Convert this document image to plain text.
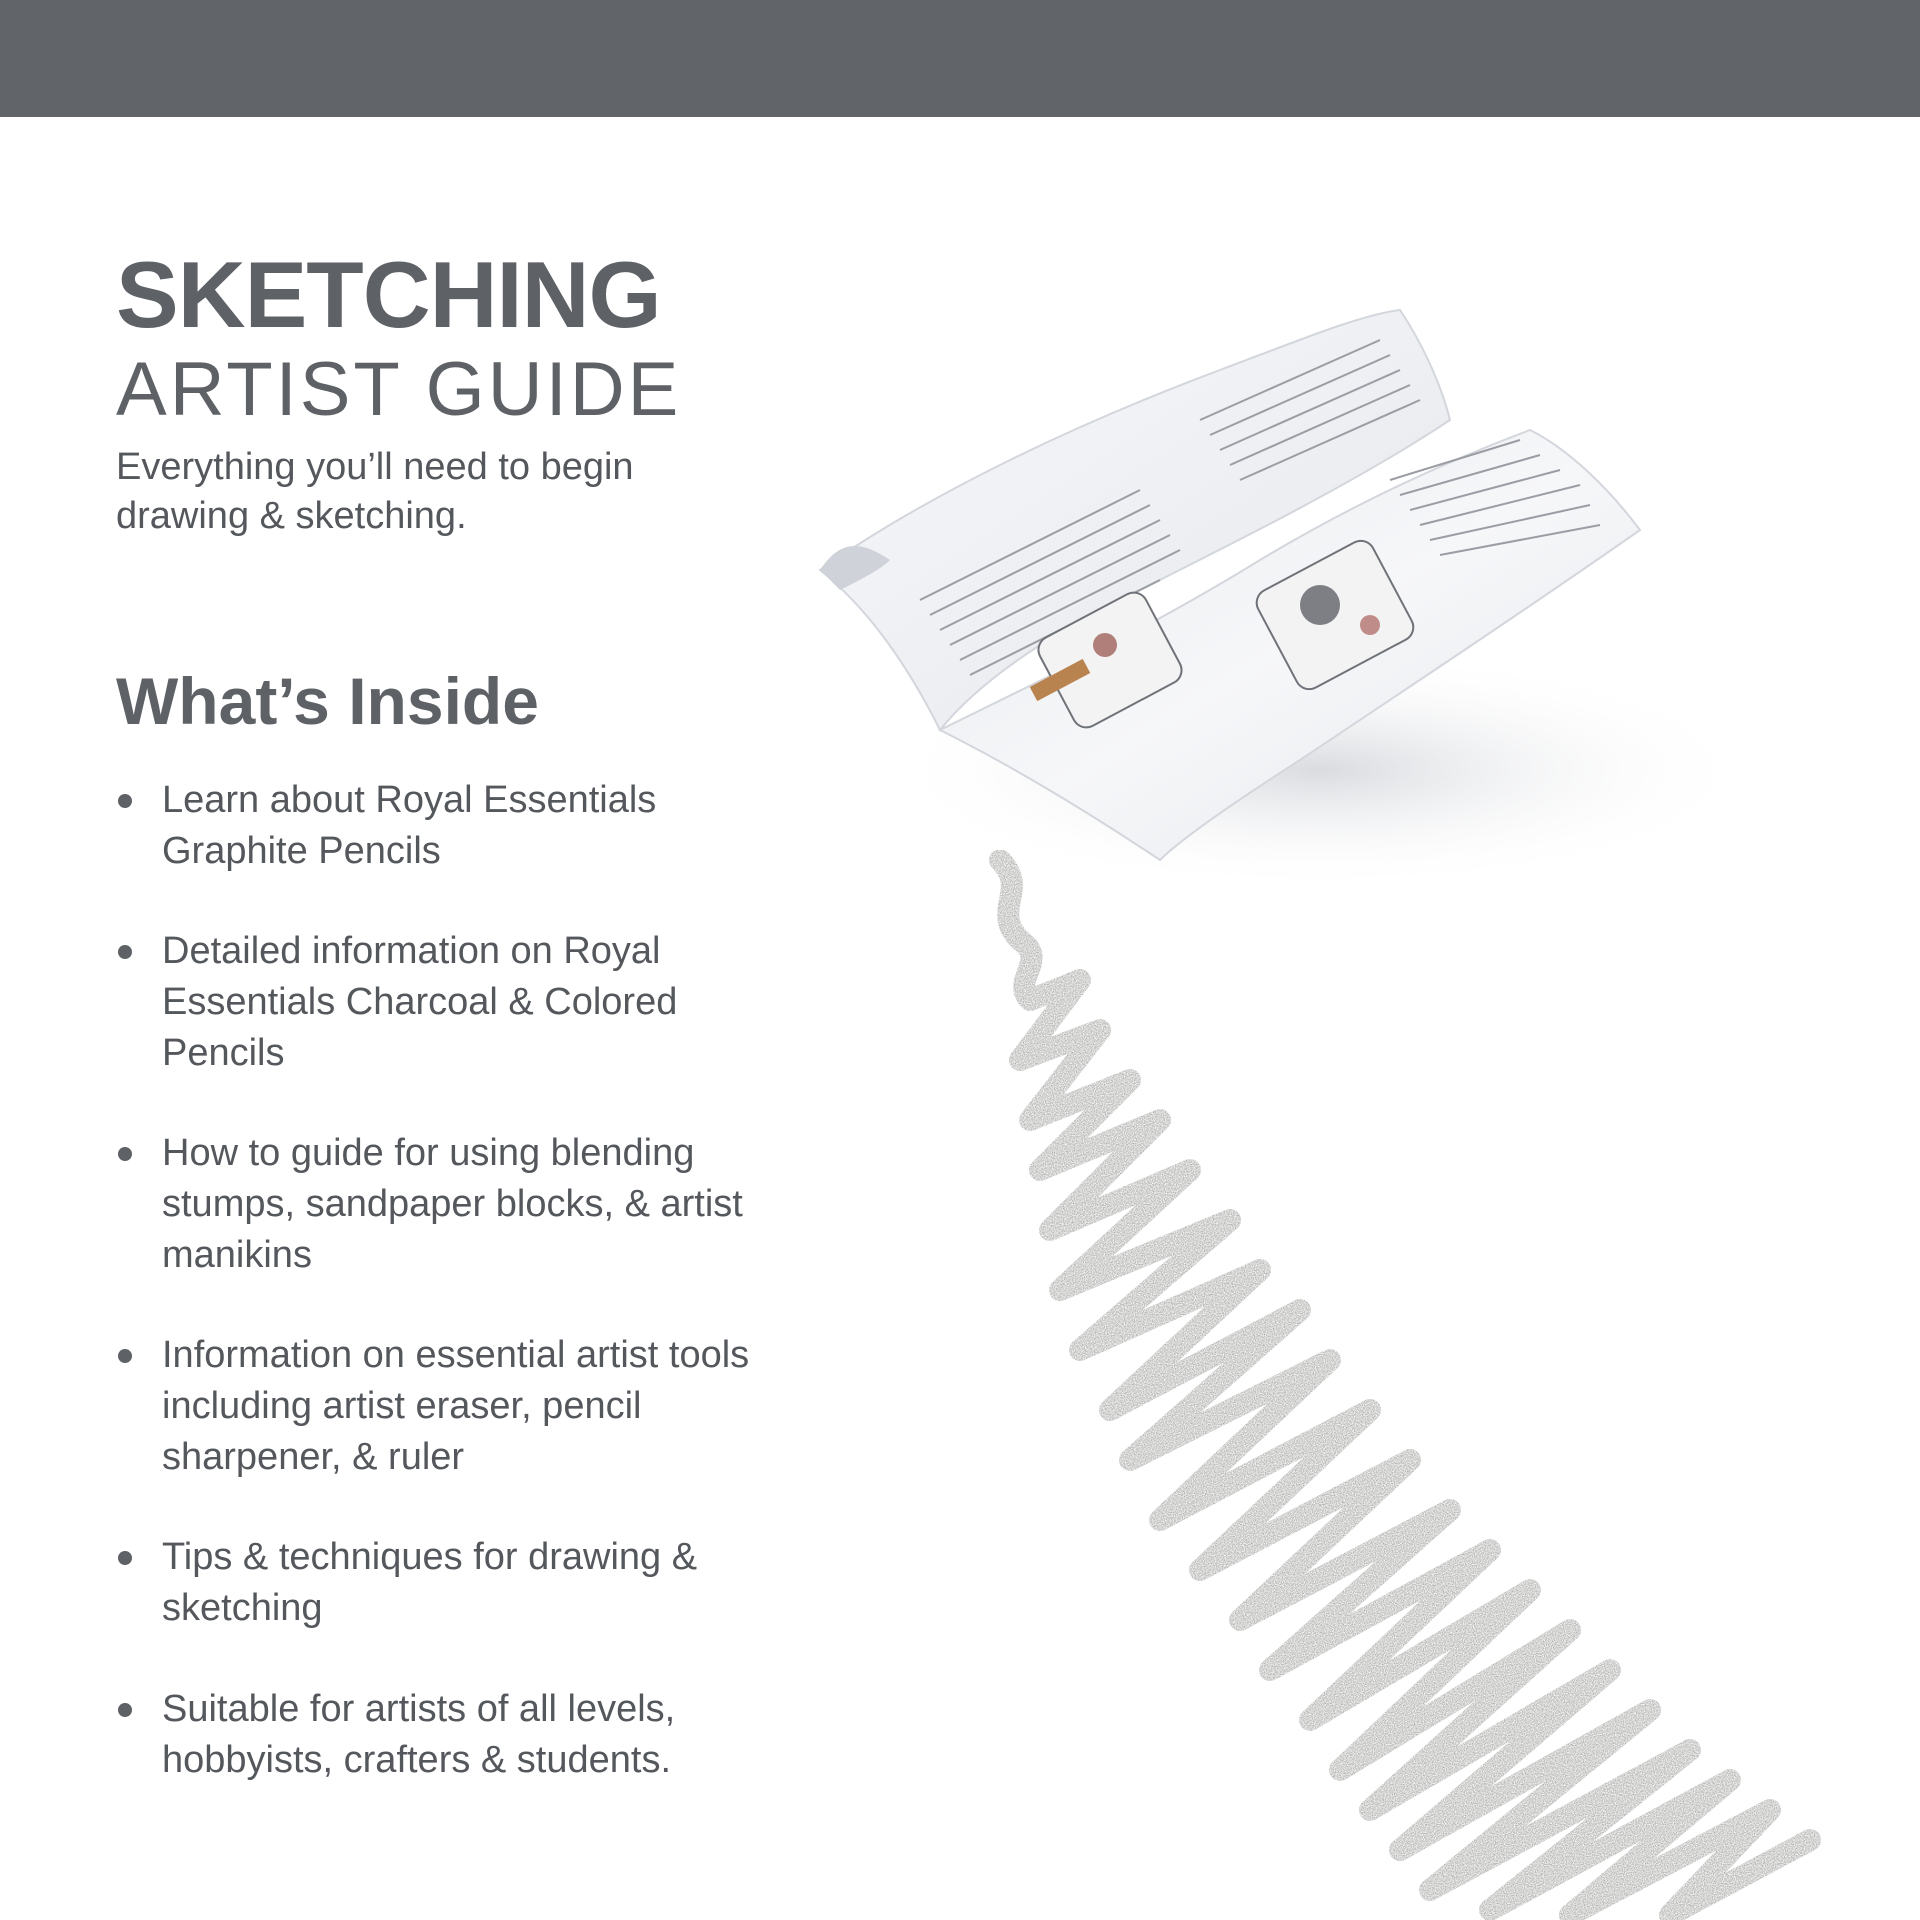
SKETCHING
ARTIST GUIDE

Everything you’ll need to begin drawing & sketching.

What’s Inside
Learn about Royal Essentials Graphite Pencils
Detailed information on Royal Essentials Charcoal & Colored Pencils
How to guide for using blending stumps, sandpaper blocks, & artist manikins
Information on essential artist tools including artist eraser, pencil sharpener, & ruler
Tips & techniques for drawing & sketching
Suitable for artists of all levels, hobbyists, crafters & students.
